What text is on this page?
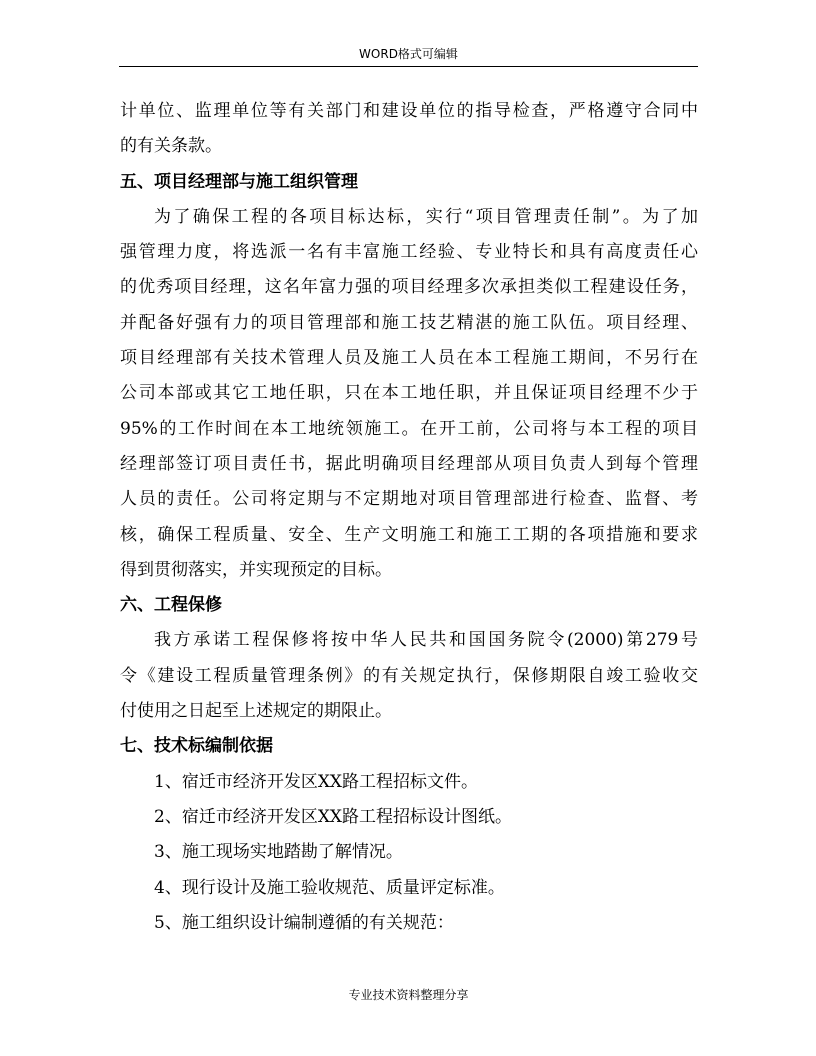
WORD格式可编辑
计单位、监理单位等有关部门和建设单位的指导检查，严格遵守合同中
的有关条款。
五、项目经理部与施工组织管理
为了确保工程的各项目标达标，实行“项目管理责任制”。为了加
强管理力度，将选派一名有丰富施工经验、专业特长和具有高度责任心
的优秀项目经理，这名年富力强的项目经理多次承担类似工程建设任务，
并配备好强有力的项目管理部和施工技艺精湛的施工队伍。项目经理、
项目经理部有关技术管理人员及施工人员在本工程施工期间，不另行在
公司本部或其它工地任职，只在本工地任职，并且保证项目经理不少于
95%的工作时间在本工地统领施工。在开工前，公司将与本工程的项目
经理部签订项目责任书，据此明确项目经理部从项目负责人到每个管理
人员的责任。公司将定期与不定期地对项目管理部进行检查、监督、考
核，确保工程质量、安全、生产文明施工和施工工期的各项措施和要求
得到贯彻落实，并实现预定的目标。
六、工程保修
我方承诺工程保修将按中华人民共和国国务院令(2000)第279号
令《建设工程质量管理条例》的有关规定执行，保修期限自竣工验收交
付使用之日起至上述规定的期限止。
七、技术标编制依据
1、宿迁市经济开发区XX路工程招标文件。
2、宿迁市经济开发区XX路工程招标设计图纸。
3、施工现场实地踏勘了解情况。
4、现行设计及施工验收规范、质量评定标准。
5、施工组织设计编制遵循的有关规范：
专业技术资料整理分享
